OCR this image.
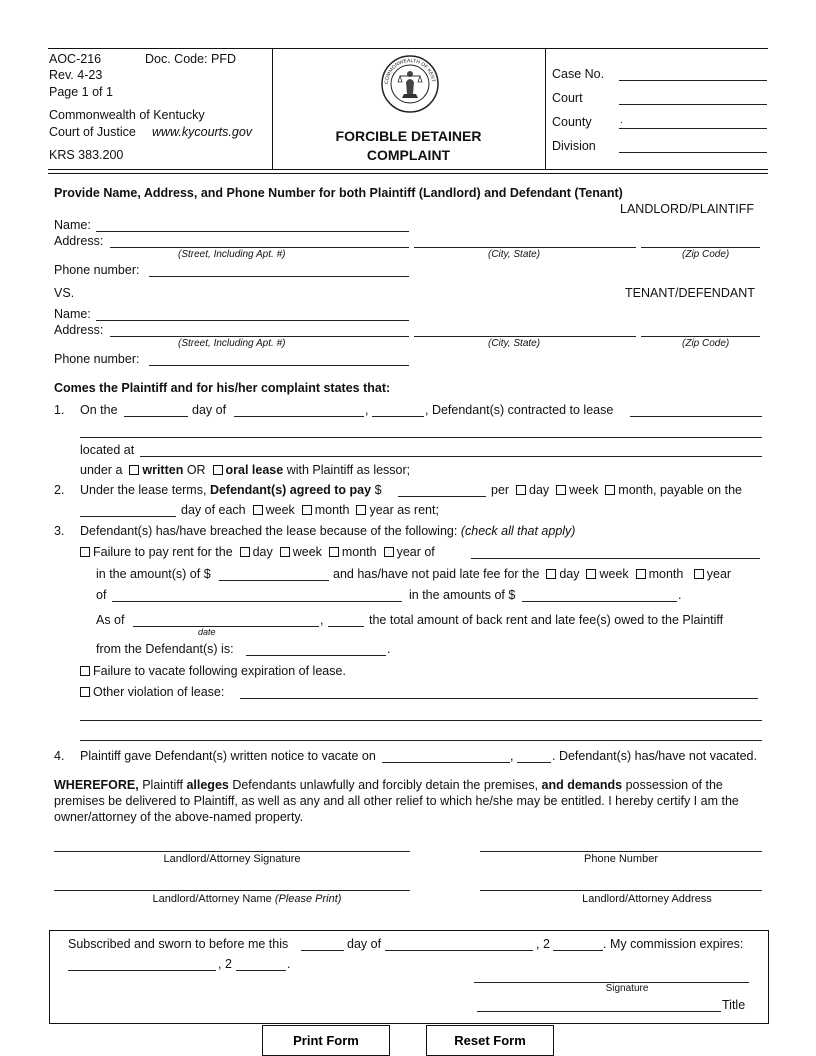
AOC-216	Doc. Code: PFD
Rev. 4-23
Page 1 of 1
Commonwealth of Kentucky
Court of Justice www.kycourts.gov
KRS 383.200
COMMONWEALTH OF KENT
FORCIBLE DETAINER
COMPLAINT
Case No.
Court
County	.
Division
Provide Name, Address, and Phone Number for both Plaintiff (Landlord) and Defendant (Tenant)
LANDLORD/PLAINTIFF
Name:
Address:
(Street, Including Apt. #)	(City, State)	(Zip Code)
Phone number:
VS.	TENANT/DEFENDANT
Name:
Address:
(Street, Including Apt. #)	(City, State)	(Zip Code)
Phone number:
Comes the Plaintiff and for his/her complaint states that:
1. On the	day of	,	, Defendant(s) contracted to lease
located at
under a written OR oral lease with Plaintiff as lessor;
2. Under the lease terms, Defendant(s) agreed to pay $	per day week month, payable on the
day of each week month year as rent;
3. Defendant(s) has/have breached the lease because of the following: (check all that apply)
Failure to pay rent for the day week month year of
in the amount(s) of $	and has/have not paid late fee for the day week month year
of	in the amounts of $	.
As of	,	the total amount of back rent and late fee(s) owed to the Plaintiff
date
from the Defendant(s) is:	.
Failure to vacate following expiration of lease.
Other violation of lease:
4. Plaintiff gave Defendant(s) written notice to vacate on	,	. Defendant(s) has/have not vacated.
WHEREFORE, Plaintiff alleges Defendants unlawfully and forcibly detain the premises, and demands possession of the premises be delivered to Plaintiff, as well as any and all other relief to which he/she may be entitled. I hereby certify I am the owner/attorney of the above-named property.
Landlord/Attorney Signature	Phone Number
Landlord/Attorney Name (Please Print)	Landlord/Attorney Address
Subscribed and sworn to before me this	day of	, 2	. My commission expires:
, 2	.
Signature
Title
Print Form	Reset Form
